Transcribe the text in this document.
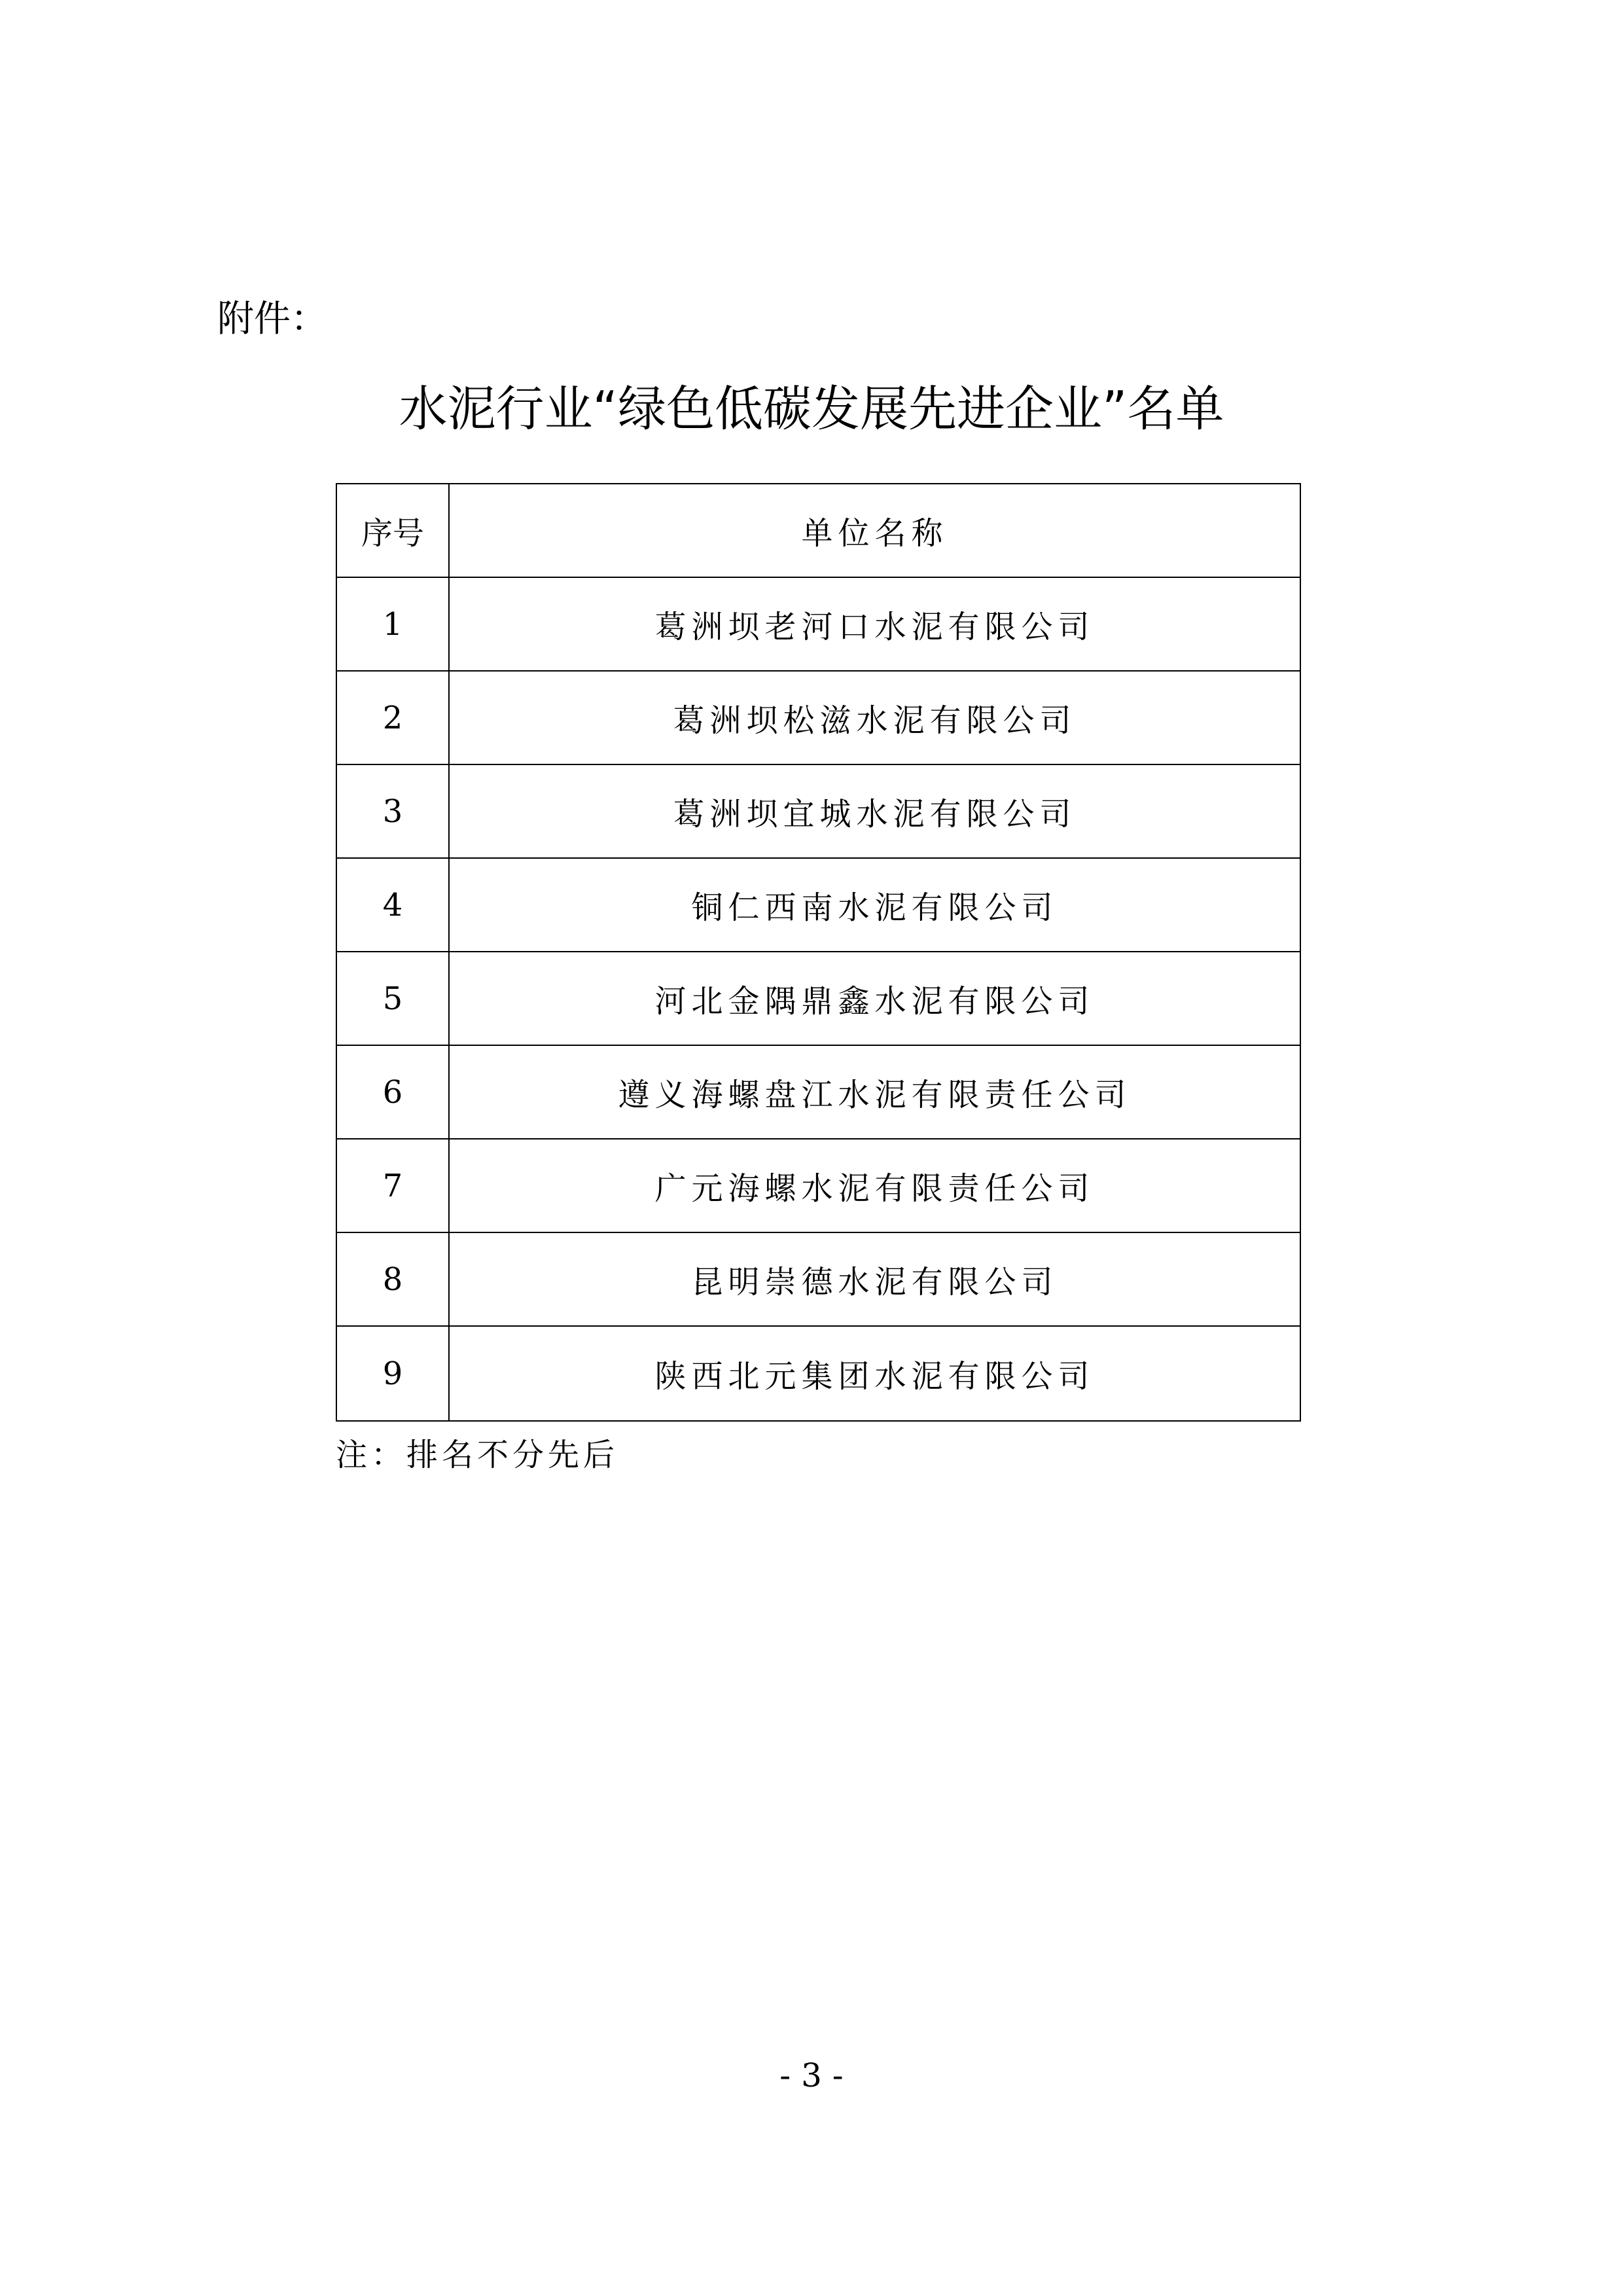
附件：
水泥行业“绿色低碳发展先进企业”名单
序号	单位名称
1	葛洲坝老河口水泥有限公司
2	葛洲坝松滋水泥有限公司
3	葛洲坝宜城水泥有限公司
4	铜仁西南水泥有限公司
5	河北金隅鼎鑫水泥有限公司
6	遵义海螺盘江水泥有限责任公司
7	广元海螺水泥有限责任公司
8	昆明崇德水泥有限公司
9	陕西北元集团水泥有限公司
注：排名不分先后
- 3 -
